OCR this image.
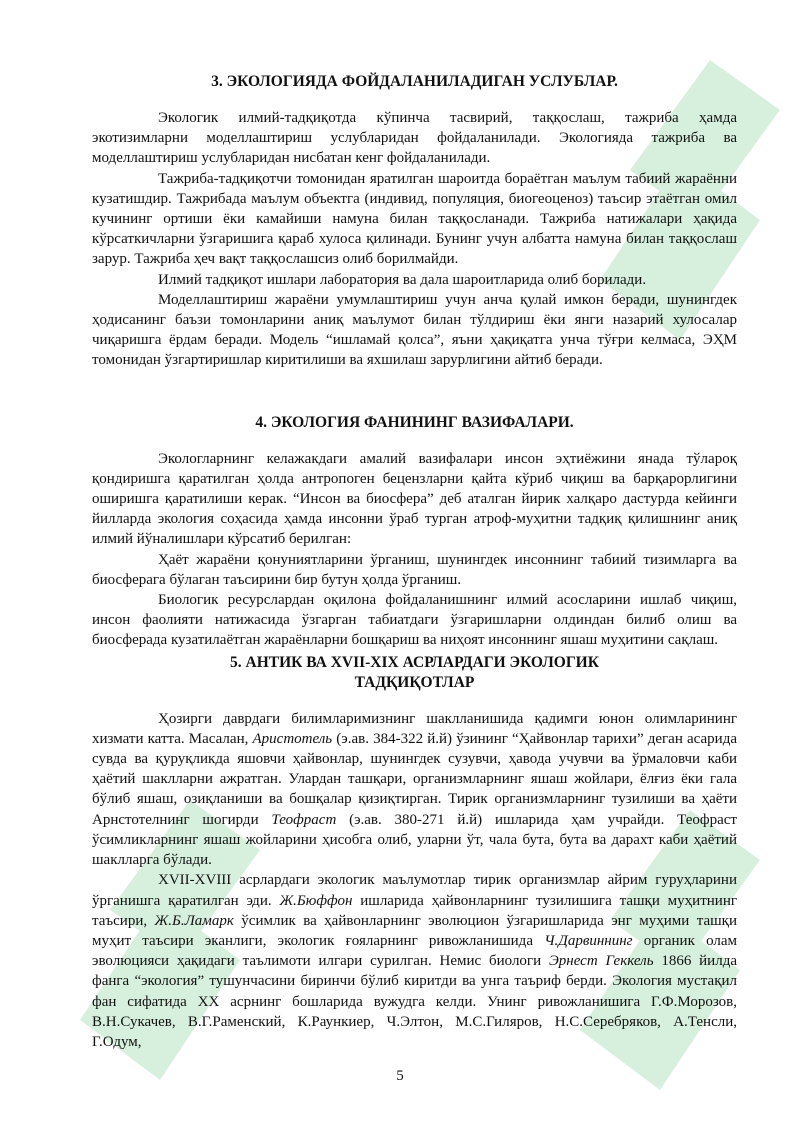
3. ЭКОЛОГИЯДА ФОЙДАЛАНИЛАДИГАН УСЛУБЛАР.

Экологик илмий-тадқиқотда кўпинча тасвирий, таққослаш, тажриба ҳамда экотизимларни моделлаштириш услубларидан фойдаланилади. Экологияда тажриба ва моделлаштириш услубларидан нисбатан кенг фойдаланилади.

Тажриба-тадқиқотчи томонидан яратилган шароитда бораётган маълум табиий жараённи кузатишдир. Тажрибада маълум объектга (индивид, популяция, биогеоценоз) таъсир этаётган омил кучининг ортиши ёки камайиши намуна билан таққосланади. Тажриба натижалари ҳақида кўрсаткичларни ўзгаришига қараб хулоса қилинади. Бунинг учун албатта намуна билан таққослаш зарур. Тажриба ҳеч вақт таққослашсиз олиб борилмайди.

Илмий тадқиқот ишлари лаборатория ва дала шароитларида олиб борилади.

Моделлаштириш жараёни умумлаштириш учун анча қулай имкон беради, шунингдек ҳодисанинг баъзи томонларини аниқ маълумот билан тўлдириш ёки янги назарий хулосалар чиқаришга ёрдам беради. Модель “ишламай қолса”, яъни ҳақиқатга унча тўғри келмаса, ЭҲМ томонидан ўзгартиришлар киритилиши ва яхшилаш зарурлигини айтиб беради.

4. ЭКОЛОГИЯ ФАНИНИНГ ВАЗИФАЛАРИ.

Экологларнинг келажакдаги амалий вазифалари инсон эҳтиёжини янада тўлароқ қондиришга қаратилган ҳолда антропоген бецензларни қайта кўриб чиқиш ва барқарорлигини оширишга қаратилиши керак. “Инсон ва биосфера” деб аталган йирик халқаро дастурда кейинги йилларда экология соҳасида ҳамда инсонни ўраб турган атроф-муҳитни тадқиқ қилишнинг аниқ илмий йўналишлари кўрсатиб берилган:

Ҳаёт жараёни қонуниятларини ўрганиш, шунингдек инсоннинг табиий тизимларга ва биосферага бўлаган таъсирини бир бутун ҳолда ўрганиш.

Биологик ресурслардан оқилона фойдаланишнинг илмий асосларини ишлаб чиқиш, инсон фаолияти натижасида ўзгарган табиатдаги ўзгаришларни олдиндан билиб олиш ва биосферада кузатилаётган жараёнларни бошқариш ва ниҳоят инсоннинг яшаш муҳитини сақлаш.

5. АНТИК ВА XVII-XIX АСРЛАРДАГИ ЭКОЛОГИК
ТАДҚИҚОТЛАР

Ҳозирги даврдаги билимларимизнинг шаклланишида қадимги юнон олимларининг хизмати катта. Масалан, Аристотель (э.ав. 384-322 й.й) ўзининг “Ҳайвонлар тарихи” деган асарида сувда ва қуруқликда яшовчи ҳайвонлар, шунингдек сузувчи, ҳавода учувчи ва ўрмаловчи каби ҳаётий шаклларни ажратган. Улардан ташқари, организмларнинг яшаш жойлари, ёлғиз ёки гала бўлиб яшаш, озиқланиши ва бошқалар қизиқтирган. Тирик организмларнинг тузилиши ва ҳаёти Арнстотелнинг шогирди Теофраст (э.ав. 380-271 й.й) ишларида ҳам учрайди. Теофраст ўсимликларнинг яшаш жойларини ҳисобга олиб, уларни ўт, чала бута, бута ва дарахт каби ҳаётий шаклларга бўлади.

XVII-XVIII асрлардаги экологик маълумотлар тирик организмлар айрим гуруҳларини ўрганишга қаратилган эди. Ж.Бюффон ишларида ҳайвонларнинг тузилишига ташқи муҳитнинг таъсири, Ж.Б.Ламарк ўсимлик ва ҳайвонларнинг эволюцион ўзгаришларида энг муҳими ташқи муҳит таъсири эканлиги, экологик ғояларнинг ривожланишида Ч.Дарвиннинг органик олам эволюцияси ҳақидаги таълимоти илгари сурилган. Немис биологи Эрнест Геккель 1866 йилда фанга “экология” тушунчасини биринчи бўлиб киритди ва унга таъриф берди. Экология мустақил фан сифатида XX асрнинг бошларида вужудга келди. Унинг ривожланишига Г.Ф.Морозов, В.Н.Сукачев, В.Г.Раменский, К.Раункиер, Ч.Элтон, М.С.Гиляров, Н.С.Серебряков, А.Тенсли, Г.Одум,

5
